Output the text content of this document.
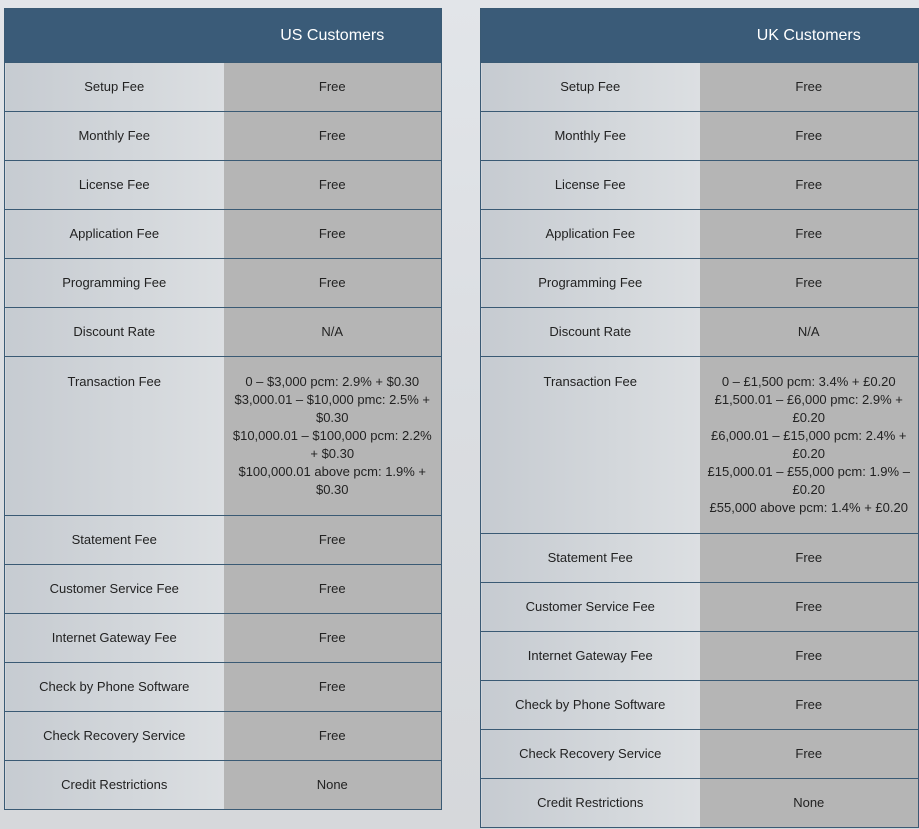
	US Customers
Setup Fee	Free

Monthly Fee	Free

License Fee	Free

Application Fee	Free

Programming Fee	Free

Discount Rate	N/A

Transaction Fee	0 – $3,000 pcm: 2.9% + $0.30
$3,000.01 – $10,000 pmc: 2.5% + $0.30
$10,000.01 – $100,000 pcm: 2.2% + $0.30
$100,000.01 above pcm: 1.9% + $0.30

Statement Fee	Free

Customer Service Fee	Free

Internet Gateway Fee	Free

Check by Phone Software	Free

Check Recovery Service	Free

Credit Restrictions	None
	UK Customers
Setup Fee	Free

Monthly Fee	Free

License Fee	Free

Application Fee	Free

Programming Fee	Free

Discount Rate	N/A

Transaction Fee	0 – £1,500 pcm: 3.4% + £0.20
£1,500.01 – £6,000 pmc: 2.9% + £0.20
£6,000.01 – £15,000 pcm: 2.4% + £0.20
£15,000.01 – £55,000 pcm: 1.9% – £0.20
£55,000 above pcm: 1.4% + £0.20

Statement Fee	Free

Customer Service Fee	Free

Internet Gateway Fee	Free

Check by Phone Software	Free

Check Recovery Service	Free

Credit Restrictions	None
